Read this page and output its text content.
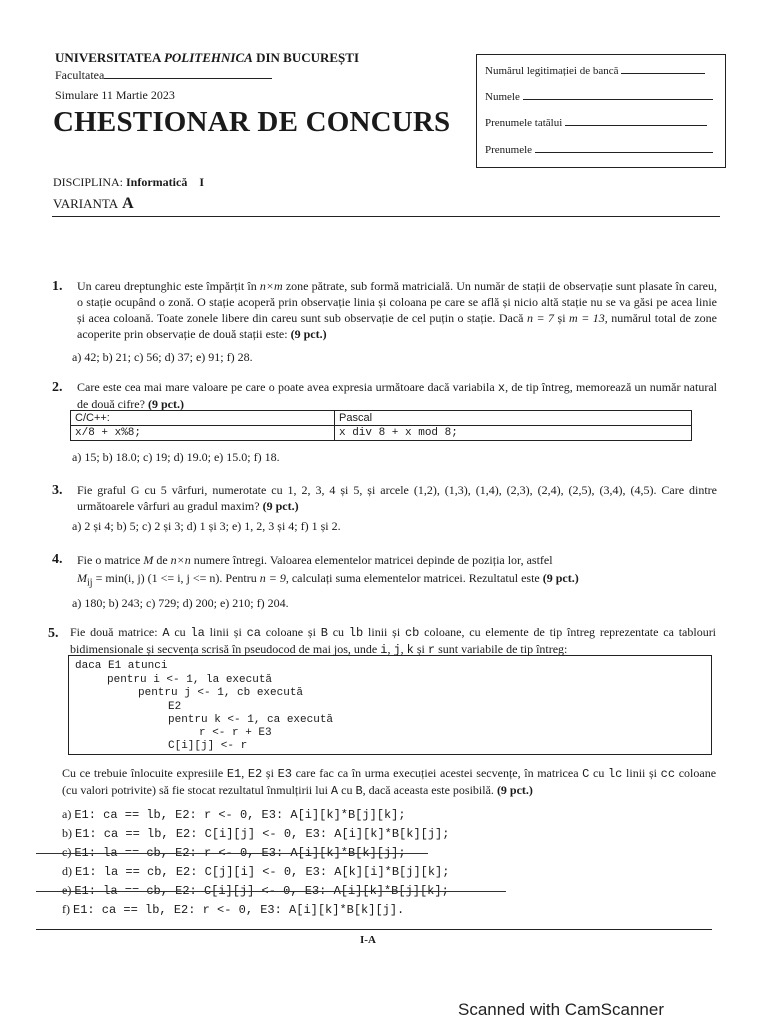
UNIVERSITATEA POLITEHNICA DIN BUCUREȘTI
Facultatea
Simulare 11 Martie 2023
CHESTIONAR DE CONCURS
DISCIPLINA: Informatică I
VARIANTA A
Numărul legitimației de bancă
Numele
Prenumele tatălui
Prenumele
1. Un careu dreptunghic este împărțit în n×m zone pătrate, sub formă matricială. Un număr de stații de observație sunt plasate în careu, o stație ocupând o zonă. O stație acoperă prin observație linia și coloana pe care se află și nicio altă stație nu se va găsi pe acea linie și acea coloană. Toate zonele libere din careu sunt sub observație de cel puțin o stație. Dacă n = 7 și m = 13, numărul total de zone acoperite prin observație de două stații este: (9 pct.)
a) 42; b) 21; c) 56; d) 37; e) 91; f) 28.
2. Care este cea mai mare valoare pe care o poate avea expresia următoare dacă variabila x, de tip întreg, memorează un număr natural de două cifre? (9 pct.)
C/C++:	Pascal
x/8 + x%8;	x div 8 + x mod 8;
a) 15; b) 18.0; c) 19; d) 19.0; e) 15.0; f) 18.
3. Fie graful G cu 5 vârfuri, numerotate cu 1, 2, 3, 4 și 5, și arcele (1,2), (1,3), (1,4), (2,3), (2,4), (2,5), (3,4), (4,5). Care dintre următoarele vârfuri au gradul maxim? (9 pct.)
a) 2 și 4; b) 5; c) 2 și 3; d) 1 și 3; e) 1, 2, 3 și 4; f) 1 și 2.
4. Fie o matrice M de n×n numere întregi. Valoarea elementelor matricei depinde de poziția lor, astfel
$M_{ij} = \min(i$, j) (1 <= i, j <= n). Pentru n = 9, calculați suma elementelor matricei. Rezultatul este (9 pct.)
a) 180; b) 243; c) 729; d) 200; e) 210; f) 204.
5. Fie două matrice: A cu la linii și ca coloane și B cu lb linii și cb coloane, cu elemente de tip întreg reprezentate ca tablouri bidimensionale și secvența scrisă în pseudocod de mai jos, unde i, j, k și r sunt variabile de tip întreg:
daca E1 atunci
pentru i <- 1, la execută
pentru j <- 1, cb execută
E2
pentru k <- 1, ca execută
r <- r + E3
C[i][j] <- r
Cu ce trebuie înlocuite expresiile E1, E2 și E3 care fac ca în urma execuției acestei secvențe, în matricea C cu lc linii și cc coloane (cu valori potrivite) să fie stocat rezultatul înmulțirii lui A cu B, dacă aceasta este posibilă. (9 pct.)
a) E1: ca == lb, E2: r <- 0, E3: A[i][k]*B[j][k];
b) E1: ca == lb, E2: C[i][j] <- 0, E3: A[i][k]*B[k][j];
c) E1: la == cb, E2: r <- 0, E3: A[i][k]*B[k][j];
d) E1: la == cb, E2: C[j][i] <- 0, E3: A[k][i]*B[j][k];
e) E1: la == cb, E2: C[i][j] <- 0, E3: A[i][k]*B[j][k];
f) E1: ca == lb, E2: r <- 0, E3: A[i][k]*B[k][j].
I-A
Scanned with CamScanner
